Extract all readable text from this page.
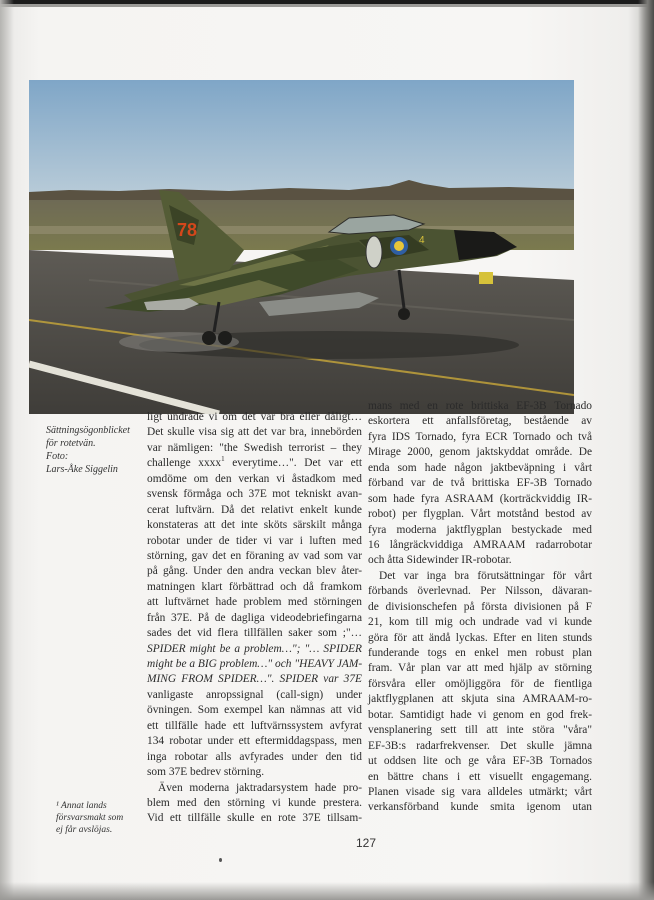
78
4
Sättningsögonblicket
för rotetvän.
Foto:
Lars-Åke Siggelin
¹ Annat lands
försvarsmakt som
ej får avslöjas.
ligt undrade vi om det var bra eller dåligt…
Det skulle visa sig att det var bra, innebörden
var nämligen: "the Swedish terrorist – they
challenge xxxx$^1$ everytime…". Det var ett
omdöme om den verkan vi åstadkom med
svensk förmåga och 37E mot tekniskt avan-
cerat luftvärn. Då det relativt enkelt kunde
konstateras att det inte sköts särskilt många
robotar under de tider vi var i luften med
störning, gav det en föraning av vad som var
på gång. Under den andra veckan blev åter-
matningen klart förbättrad och då framkom
att luftvärnet hade problem med störningen
från 37E. På de dagliga videodebriefingarna
sades det vid flera tillfällen saker som ;"…
SPIDER might be a problem…"; "… SPIDER
might be a BIG problem…" och "HEAVY JAM-
MING FROM SPIDER…". SPIDER var 37E
vanligaste anropssignal (call-sign) under
övningen. Som exempel kan nämnas att vid
ett tillfälle hade ett luftvärnssystem avfyrat
134 robotar under ett eftermiddagspass, men
inga robotar alls avfyrades under den tid
som 37E bedrev störning.
Även moderna jaktradarsystem hade pro-
blem med den störning vi kunde prestera.
Vid ett tillfälle skulle en rote 37E tillsam-
mans med en rote brittiska EF-3B Tornado
eskortera ett anfallsföretag, bestående av
fyra IDS Tornado, fyra ECR Tornado och två
Mirage 2000, genom jaktskyddat område. De
enda som hade någon jaktbeväpning i vårt
förband var de två brittiska EF-3B Tornado
som hade fyra ASRAAM (korträckviddig IR-
robot) per flygplan. Vårt motstånd bestod av
fyra moderna jaktflygplan bestyckade med
16 långräckviddiga AMRAAM radarrobotar
och åtta Sidewinder IR-robotar.
Det var inga bra förutsättningar för vårt
förbands överlevnad. Per Nilsson, dävaran-
de divisionschefen på första divisionen på F
21, kom till mig och undrade vad vi kunde
göra för att ändå lyckas. Efter en liten stunds
funderande togs en enkel men robust plan
fram. Vår plan var att med hjälp av störning
försvåra eller omöjliggöra för de fientliga
jaktflygplanen att skjuta sina AMRAAM-ro-
botar. Samtidigt hade vi genom en god frek-
vensplanering sett till att inte störa "våra"
EF-3B:s radarfrekvenser. Det skulle jämna
ut oddsen lite och ge våra EF-3B Tornados
en bättre chans i ett visuellt engagemang.
Planen visade sig vara alldeles utmärkt; vårt
verkansförband kunde smita igenom utan
127
